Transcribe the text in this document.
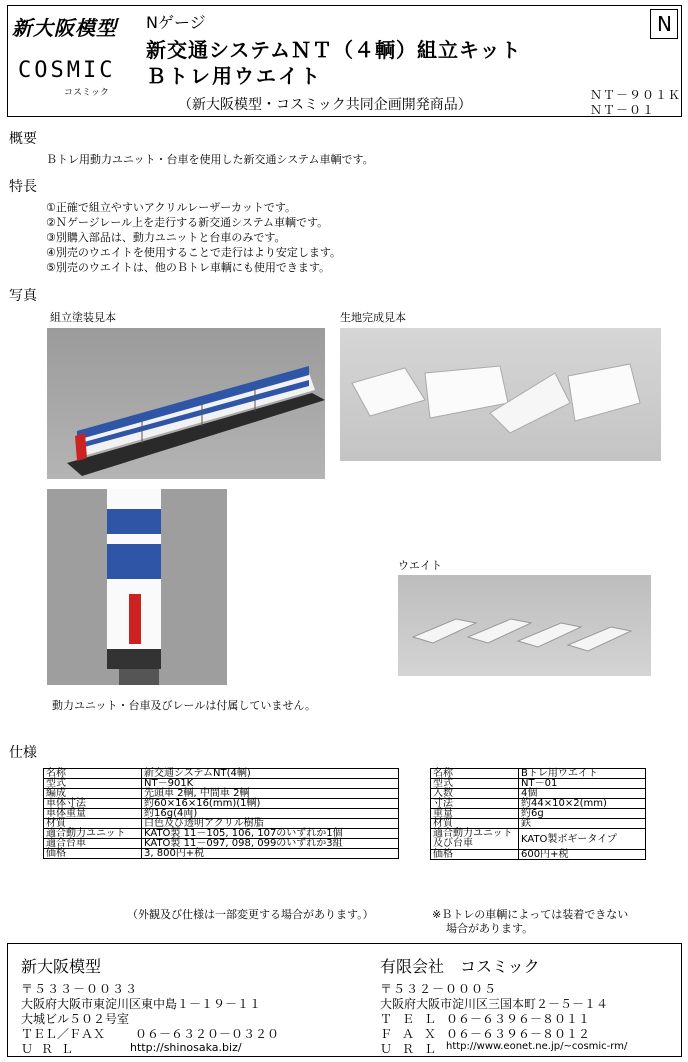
新大阪模型
COSMIC
コスミック
Nゲージ
新交通システムＮＴ（４輌）組立キット
Ｂトレ用ウエイト
（新大阪模型・コスミック共同企画開発商品）
ＮＴ－９０１Ｋ
ＮＴ－０１
N
概要
Ｂトレ用動力ユニット・台車を使用した新交通システム車輌です。
特長
①正確で組立やすいアクリルレーザーカットです。
②Ｎゲージレール上を走行する新交通システム車輌です。
③別購入部品は、動力ユニットと台車のみです。
④別売のウエイトを使用することで走行はより安定します。
⑤別売のウエイトは、他のＢトレ車輌にも使用できます。
写真
組立塗装見本	生地完成見本
ウエイト
動力ユニット・台車及びレールは付属していません。
仕様
名称	新交通システムNT(4輌)
型式	NT－901K
編成	先頭車 2輌, 中間車 2輌
車体寸法	約60×16×16(mm)(1輌)
車体重量	約16g(4両)
材質	白色及び透明アクリル樹脂
適合動力ユニット	KATO製 11－105, 106, 107のいずれか1個
適合台車	KATO製 11－097, 098, 099のいずれか3組
価格	3, 800円+税
名称	Bトレ用ウエイト
型式	NT－01
入数	4個
寸法	約44×10×2(mm)
重量	約6g
材質	鉄
適合動力ユニット及び台車	KATO製ボギータイプ
価格	600円+税
（外観及び仕様は一部変更する場合があります。）	※Ｂトレの車輌によっては装着できない
場合があります。
新大阪模型
〒５３３－００３３
大阪府大阪市東淀川区東中島１－１９－１１
大城ビル５０２号室
ＴＥＬ／ＦＡＸ ０６－６３２０－０３２０
ＵＲＬ	http://shinosaka.biz/
有限会社　コスミック
〒５３２－０００５
大阪府大阪市淀川区三国本町２－５－１４
ＴＥＬ ０６－６３９６－８０１１
ＦＡＸ ０６－６３９６－８０１２
ＵＲＬ http://www.eonet.ne.jp/~cosmic-rm/
